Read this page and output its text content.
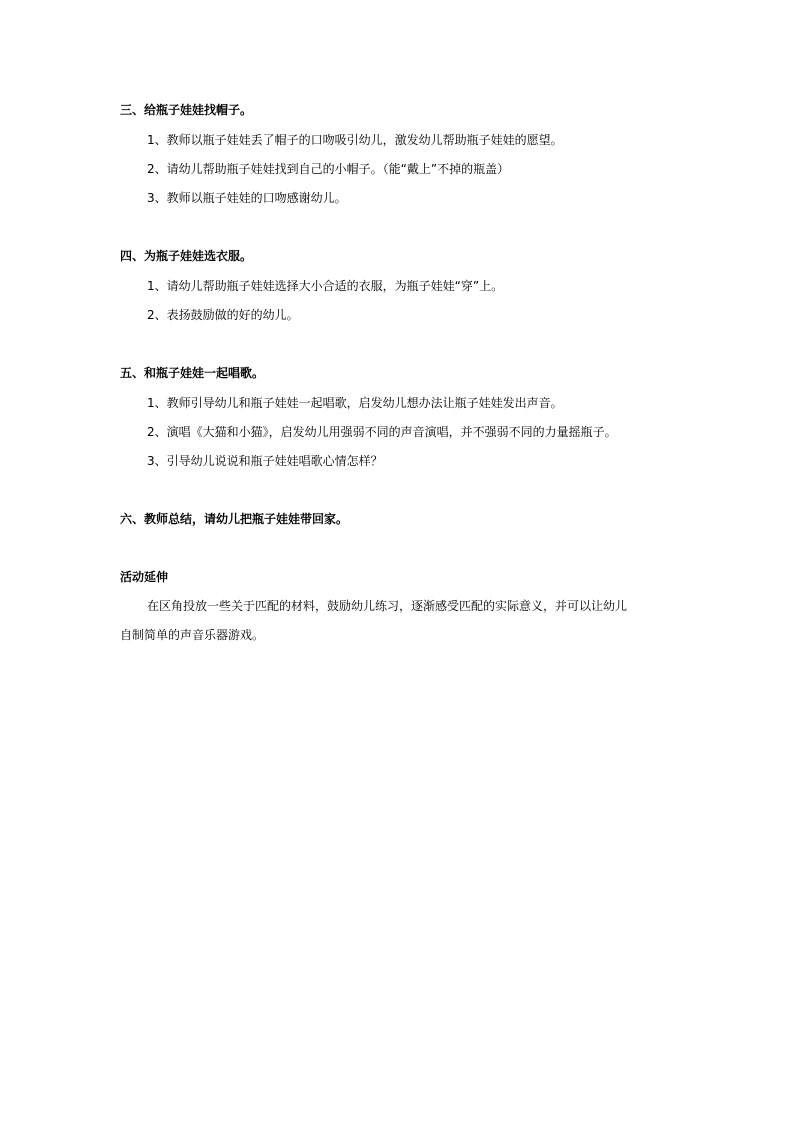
三、给瓶子娃娃找帽子。
1、教师以瓶子娃娃丢了帽子的口吻吸引幼儿，激发幼儿帮助瓶子娃娃的愿望。
2、请幼儿帮助瓶子娃娃找到自己的小帽子。（能“戴上”不掉的瓶盖）
3、教师以瓶子娃娃的口吻感谢幼儿。
四、为瓶子娃娃选衣服。
1、请幼儿帮助瓶子娃娃选择大小合适的衣服，为瓶子娃娃“穿”上。
2、表扬鼓励做的好的幼儿。
五、和瓶子娃娃一起唱歌。
1、教师引导幼儿和瓶子娃娃一起唱歌，启发幼儿想办法让瓶子娃娃发出声音。
2、演唱《大猫和小猫》，启发幼儿用强弱不同的声音演唱，并不强弱不同的力量摇瓶子。
3、引导幼儿说说和瓶子娃娃唱歌心情怎样？
六、教师总结，请幼儿把瓶子娃娃带回家。
活动延伸
在区角投放一些关于匹配的材料，鼓励幼儿练习，逐渐感受匹配的实际意义，并可以让幼儿
自制简单的声音乐器游戏。
